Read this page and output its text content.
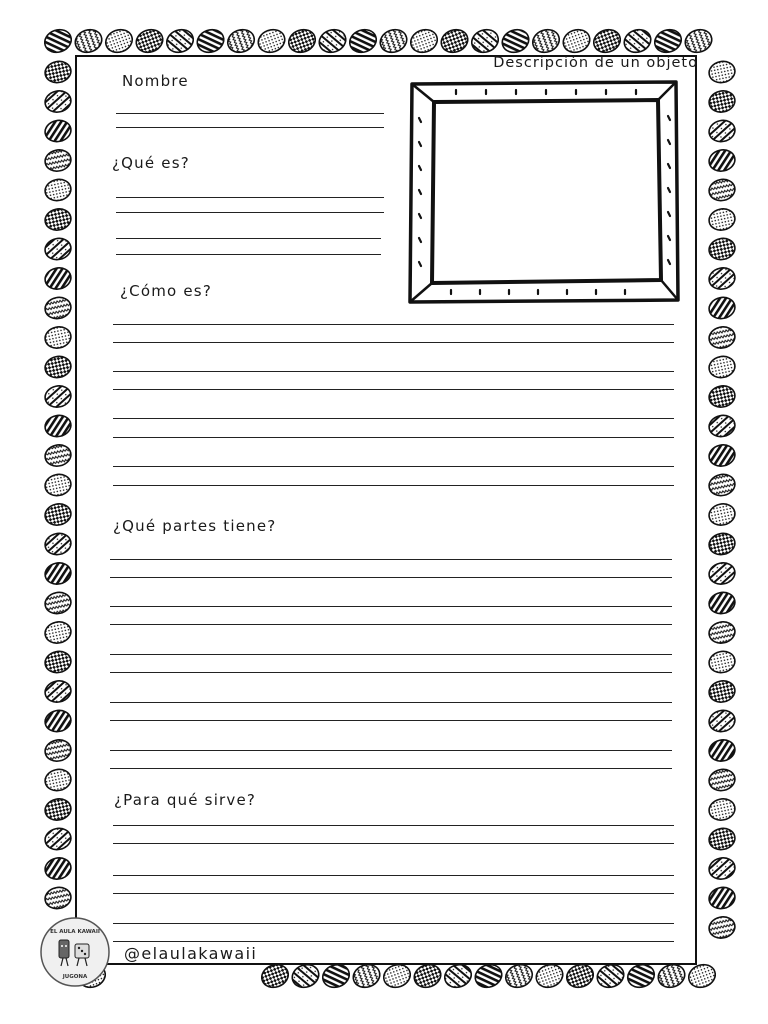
Descripción de un objeto
Nombre
¿Qué es?
¿Cómo es?
¿Qué partes tiene?
¿Para qué sirve?
EL AULA KAWAII
JUGONA
@elaulakawaii
